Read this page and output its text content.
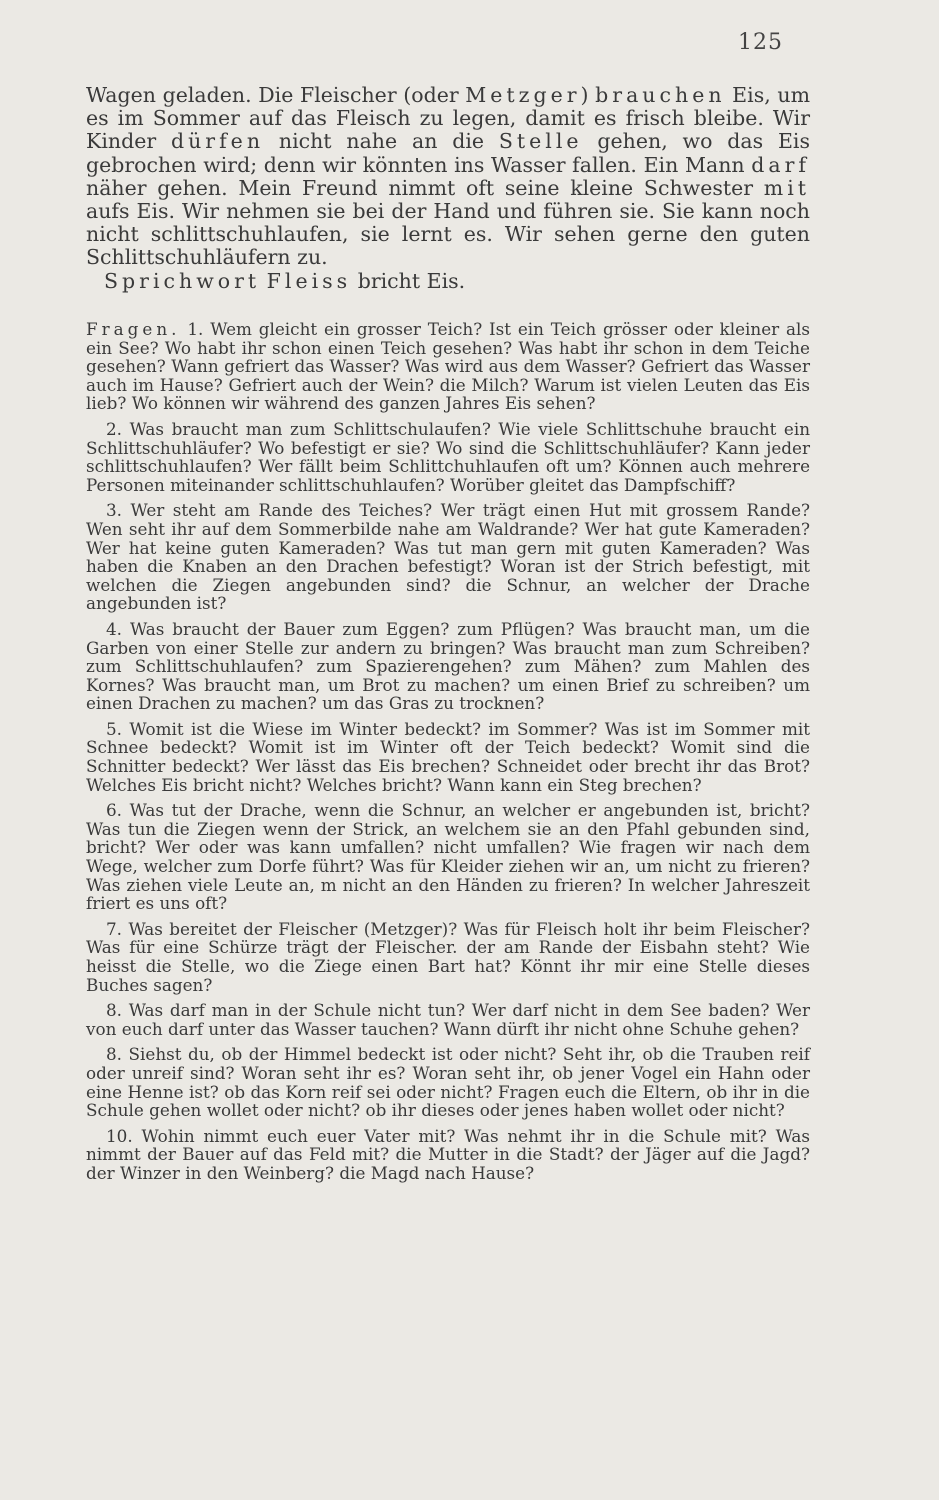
125

Wagen geladen. Die Fleischer (oder Metzger) brauchen Eis, um es im Sommer auf das Fleisch zu legen, damit es frisch bleibe. Wir Kinder dürfen nicht nahe an die Stelle gehen, wo das Eis gebrochen wird; denn wir könnten ins Wasser fallen. Ein Mann darf näher gehen. Mein Freund nimmt oft seine kleine Schwester mit aufs Eis. Wir nehmen sie bei der Hand und führen sie. Sie kann noch nicht schlittschuhlaufen, sie lernt es. Wir sehen gerne den guten Schlittschuhläufern zu.

Sprichwort Fleiss bricht Eis.

Fragen. 1. Wem gleicht ein grosser Teich? Ist ein Teich grösser oder kleiner als ein See? Wo habt ihr schon einen Teich gesehen? Was habt ihr schon in dem Teiche gesehen? Wann gefriert das Wasser? Was wird aus dem Wasser? Gefriert das Wasser auch im Hause? Gefriert auch der Wein? die Milch? Warum ist vielen Leuten das Eis lieb? Wo können wir während des ganzen Jahres Eis sehen?

2. Was braucht man zum Schlittschulaufen? Wie viele Schlittschuhe braucht ein Schlittschuhläufer? Wo befestigt er sie? Wo sind die Schlittschuhläufer? Kann jeder schlittschuhlaufen? Wer fällt beim Schlittchuhlaufen oft um? Können auch mehrere Personen miteinander schlittschuhlaufen? Worüber gleitet das Dampfschiff?

3. Wer steht am Rande des Teiches? Wer trägt einen Hut mit grossem Rande? Wen seht ihr auf dem Sommerbilde nahe am Waldrande? Wer hat gute Kameraden? Wer hat keine guten Kameraden? Was tut man gern mit guten Kameraden? Was haben die Knaben an den Drachen befestigt? Woran ist der Strich befestigt, mit welchen die Ziegen angebunden sind? die Schnur, an welcher der Drache angebunden ist?

4. Was braucht der Bauer zum Eggen? zum Pflügen? Was braucht man, um die Garben von einer Stelle zur andern zu bringen? Was braucht man zum Schreiben? zum Schlittschuhlaufen? zum Spazierengehen? zum Mähen? zum Mahlen des Kornes? Was braucht man, um Brot zu machen? um einen Brief zu schreiben? um einen Drachen zu machen? um das Gras zu trocknen?

5. Womit ist die Wiese im Winter bedeckt? im Sommer? Was ist im Sommer mit Schnee bedeckt? Womit ist im Winter oft der Teich bedeckt? Womit sind die Schnitter bedeckt? Wer lässt das Eis brechen? Schneidet oder brecht ihr das Brot? Welches Eis bricht nicht? Welches bricht? Wann kann ein Steg brechen?

6. Was tut der Drache, wenn die Schnur, an welcher er angebunden ist, bricht? Was tun die Ziegen wenn der Strick, an welchem sie an den Pfahl gebunden sind, bricht? Wer oder was kann umfallen? nicht umfallen? Wie fragen wir nach dem Wege, welcher zum Dorfe führt? Was für Kleider ziehen wir an, um nicht zu frieren? Was ziehen viele Leute an, m nicht an den Händen zu frieren? In welcher Jahreszeit friert es uns oft?

7. Was bereitet der Fleischer (Metzger)? Was für Fleisch holt ihr beim Fleischer? Was für eine Schürze trägt der Fleischer. der am Rande der Eisbahn steht? Wie heisst die Stelle, wo die Ziege einen Bart hat? Könnt ihr mir eine Stelle dieses Buches sagen?

8. Was darf man in der Schule nicht tun? Wer darf nicht in dem See baden? Wer von euch darf unter das Wasser tauchen? Wann dürft ihr nicht ohne Schuhe gehen?

8. Siehst du, ob der Himmel bedeckt ist oder nicht? Seht ihr, ob die Trauben reif oder unreif sind? Woran seht ihr es? Woran seht ihr, ob jener Vogel ein Hahn oder eine Henne ist? ob das Korn reif sei oder nicht? Fragen euch die Eltern, ob ihr in die Schule gehen wollet oder nicht? ob ihr dieses oder jenes haben wollet oder nicht?

10. Wohin nimmt euch euer Vater mit? Was nehmt ihr in die Schule mit? Was nimmt der Bauer auf das Feld mit? die Mutter in die Stadt? der Jäger auf die Jagd? der Winzer in den Weinberg? die Magd nach Hause?
